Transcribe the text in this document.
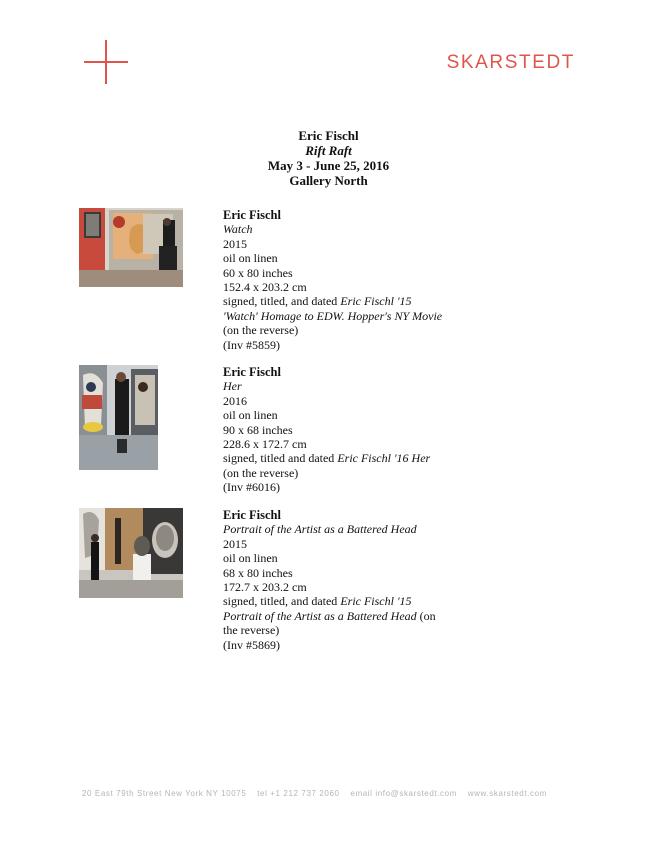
SKARSTEDT
Eric Fischl
Rift Raft
May 3 - June 25, 2016
Gallery North
Eric Fischl
Watch
2015
oil on linen
60 x 80 inches
152.4 x 203.2 cm
signed, titled, and dated Eric Fischl '15 'Watch' Homage to EDW. Hopper's NY Movie (on the reverse)
(Inv #5859)
Eric Fischl
Her
2016
oil on linen
90 x 68 inches
228.6 x 172.7 cm
signed, titled and dated Eric Fischl '16 Her (on the reverse)
(Inv #6016)
Eric Fischl
Portrait of the Artist as a Battered Head
2015
oil on linen
68 x 80 inches
172.7 x 203.2 cm
signed, titled, and dated Eric Fischl '15 Portrait of the Artist as a Battered Head (on the reverse)
(Inv #5869)
20 East 79th Street New York NY 10075 tel +1 212 737 2060 email info@skarstedt.com www.skarstedt.com
